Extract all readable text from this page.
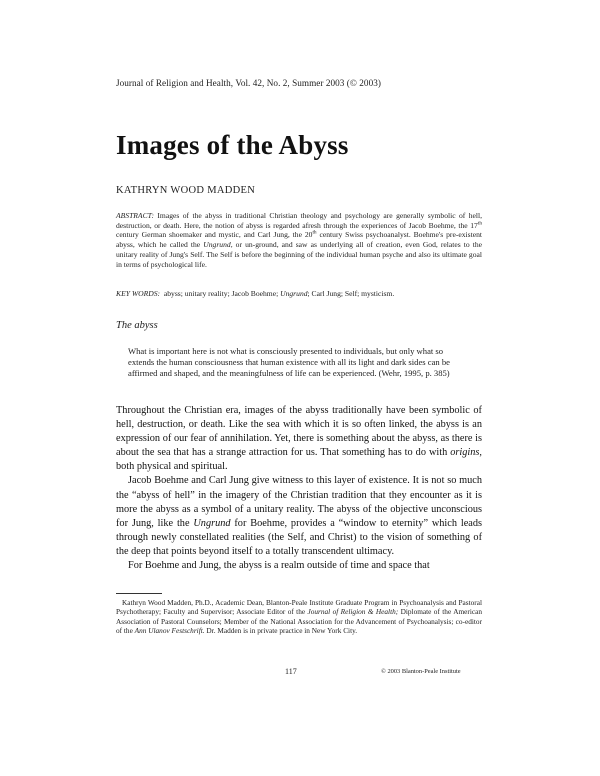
Journal of Religion and Health, Vol. 42, No. 2, Summer 2003 (© 2003)
Images of the Abyss
KATHRYN WOOD MADDEN
ABSTRACT: Images of the abyss in traditional Christian theology and psychology are generally symbolic of hell, destruction, or death. Here, the notion of abyss is regarded afresh through the experiences of Jacob Boehme, the 17th century German shoemaker and mystic, and Carl Jung, the 20th century Swiss psychoanalyst. Boehme's pre-existent abyss, which he called the Ungrund, or un-ground, and saw as underlying all of creation, even God, relates to the unitary reality of Jung's Self. The Self is before the beginning of the individual human psyche and also its ultimate goal in terms of psychological life.
KEY WORDS: abyss; unitary reality; Jacob Boehme; Ungrund; Carl Jung; Self; mysticism.
The abyss
What is important here is not what is consciously presented to individuals, but only what so extends the human consciousness that human existence with all its light and dark sides can be affirmed and shaped, and the meaningfulness of life can be experienced. (Wehr, 1995, p. 385)

Throughout the Christian era, images of the abyss traditionally have been symbolic of hell, destruction, or death. Like the sea with which it is so often linked, the abyss is an expression of our fear of annihilation. Yet, there is something about the abyss, as there is about the sea that has a strange attraction for us. That something has to do with origins, both physical and spiritual.

Jacob Boehme and Carl Jung give witness to this layer of existence. It is not so much the “abyss of hell” in the imagery of the Christian tradition that they encounter as it is more the abyss as a symbol of a unitary reality. The abyss of the objective unconscious for Jung, like the Ungrund for Boehme, provides a “window to eternity” which leads through newly constellated realities (the Self, and Christ) to the vision of something of the deep that points beyond itself to a totally transcendent ultimacy.

For Boehme and Jung, the abyss is a realm outside of time and space that

Kathryn Wood Madden, Ph.D., Academic Dean, Blanton-Peale Institute Graduate Program in Psychoanalysis and Pastoral Psychotherapy; Faculty and Supervisor; Associate Editor of the Journal of Religion & Health; Diplomate of the American Association of Pastoral Counselors; Member of the National Association for the Advancement of Psychoanalysis; co-editor of the Ann Ulanov Festschrift. Dr. Madden is in private practice in New York City.
117	© 2003 Blanton-Peale Institute
